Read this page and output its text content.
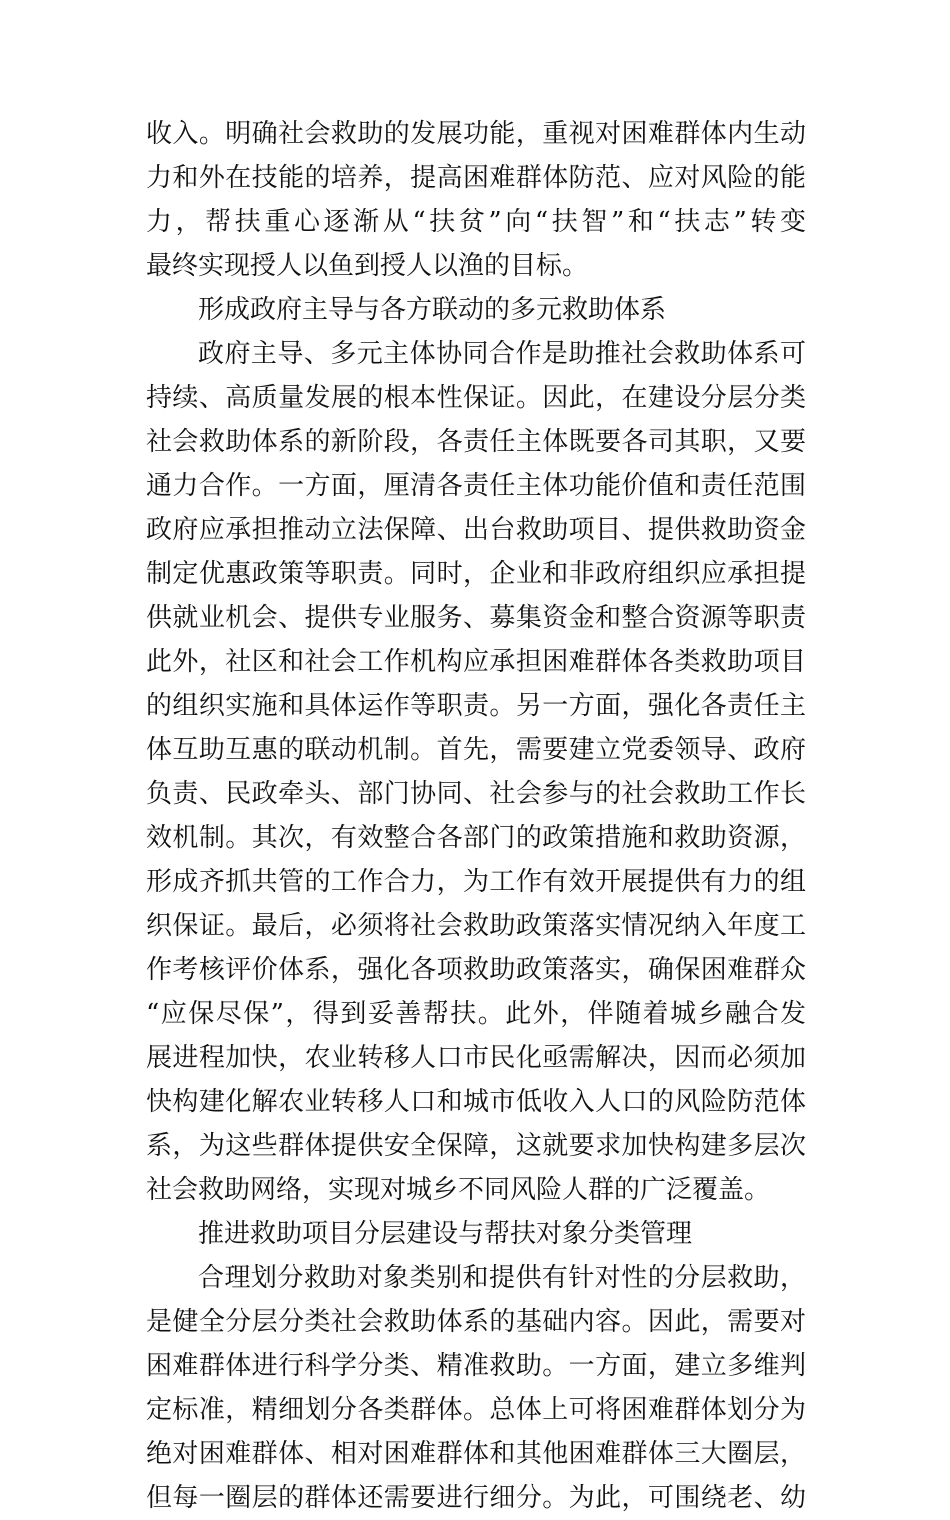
收入。明确社会救助的发展功能，重视对困难群体内生动
力和外在技能的培养，提高困难群体防范、应对风险的能
力，帮扶重心逐渐从“扶贫”向“扶智”和“扶志”转变
最终实现授人以鱼到授人以渔的目标。
形成政府主导与各方联动的多元救助体系
政府主导、多元主体协同合作是助推社会救助体系可
持续、高质量发展的根本性保证。因此，在建设分层分类
社会救助体系的新阶段，各责任主体既要各司其职，又要
通力合作。一方面，厘清各责任主体功能价值和责任范围
政府应承担推动立法保障、出台救助项目、提供救助资金
制定优惠政策等职责。同时，企业和非政府组织应承担提
供就业机会、提供专业服务、募集资金和整合资源等职责
此外，社区和社会工作机构应承担困难群体各类救助项目
的组织实施和具体运作等职责。另一方面，强化各责任主
体互助互惠的联动机制。首先，需要建立党委领导、政府
负责、民政牵头、部门协同、社会参与的社会救助工作长
效机制。其次，有效整合各部门的政策措施和救助资源，
形成齐抓共管的工作合力，为工作有效开展提供有力的组
织保证。最后，必须将社会救助政策落实情况纳入年度工
作考核评价体系，强化各项救助政策落实，确保困难群众
“应保尽保”，得到妥善帮扶。此外，伴随着城乡融合发
展进程加快，农业转移人口市民化亟需解决，因而必须加
快构建化解农业转移人口和城市低收入人口的风险防范体
系，为这些群体提供安全保障，这就要求加快构建多层次
社会救助网络，实现对城乡不同风险人群的广泛覆盖。
推进救助项目分层建设与帮扶对象分类管理
合理划分救助对象类别和提供有针对性的分层救助，
是健全分层分类社会救助体系的基础内容。因此，需要对
困难群体进行科学分类、精准救助。一方面，建立多维判
定标准，精细划分各类群体。总体上可将困难群体划分为
绝对困难群体、相对困难群体和其他困难群体三大圈层，
但每一圈层的群体还需要进行细分。为此，可围绕老、幼
